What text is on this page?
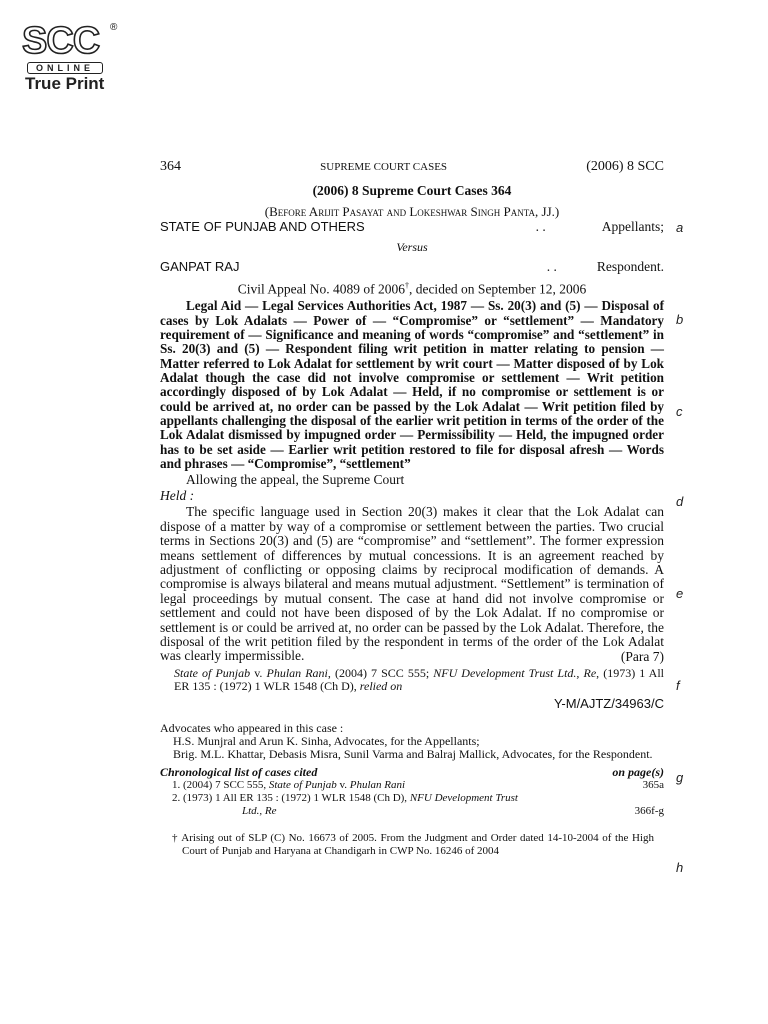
SCC ®
ONLINE
True Print
a
b
c
d
e
f
g
h
364	SUPREME COURT CASES	(2006) 8 SCC
(2006) 8 Supreme Court Cases 364
(Before Arijit Pasayat and Lokeshwar Singh Panta, JJ.)
STATE OF PUNJAB AND OTHERS	. .	Appellants;
Versus
GANPAT RAJ	. .	Respondent.
Civil Appeal No. 4089 of 2006†, decided on September 12, 2006

Legal Aid — Legal Services Authorities Act, 1987 — Ss. 20(3) and (5) — Disposal of cases by Lok Adalats — Power of — “Compromise” or “settlement” — Mandatory requirement of — Significance and meaning of words “compromise” and “settlement” in Ss. 20(3) and (5) — Respondent filing writ petition in matter relating to pension — Matter referred to Lok Adalat for settlement by writ court — Matter disposed of by Lok Adalat though the case did not involve compromise or settlement — Writ petition accordingly disposed of by Lok Adalat — Held, if no compromise or settlement is or could be arrived at, no order can be passed by the Lok Adalat — Writ petition filed by appellants challenging the disposal of the earlier writ petition in terms of the order of the Lok Adalat dismissed by impugned order — Permissibility — Held, the impugned order has to be set aside — Earlier writ petition restored to file for disposal afresh — Words and phrases — “Compromise”, “settlement”

Allowing the appeal, the Supreme Court
Held :

The specific language used in Section 20(3) makes it clear that the Lok Adalat can dispose of a matter by way of a compromise or settlement between the parties. Two crucial terms in Sections 20(3) and (5) are “compromise” and “settlement”. The former expression means settlement of differences by mutual concessions. It is an agreement reached by adjustment of conflicting or opposing claims by reciprocal modification of demands. A compromise is always bilateral and means mutual adjustment. “Settlement” is termination of legal proceedings by mutual consent. The case at hand did not involve compromise or settlement and could not have been disposed of by the Lok Adalat. If no compromise or settlement is or could be arrived at, no order can be passed by the Lok Adalat. Therefore, the disposal of the writ petition filed by the respondent in terms of the order of the Lok Adalat was clearly impermissible.	(Para 7)

State of Punjab v. Phulan Rani, (2004) 7 SCC 555; NFU Development Trust Ltd., Re, (1973) 1 All ER 135 : (1972) 1 WLR 1548 (Ch D), relied on

Y-M/AJTZ/34963/C
Advocates who appeared in this case :
H.S. Munjral and Arun K. Sinha, Advocates, for the Appellants;
Brig. M.L. Khattar, Debasis Misra, Sunil Varma and Balraj Mallick, Advocates, for the Respondent.
Chronological list of cases cited	on page(s)
1. (2004) 7 SCC 555, State of Punjab v. Phulan Rani	365a
2. (1973) 1 All ER 135 : (1972) 1 WLR 1548 (Ch D), NFU Development Trust
Ltd., Re	366f-g

† Arising out of SLP (C) No. 16673 of 2005. From the Judgment and Order dated 14-10-2004 of the High Court of Punjab and Haryana at Chandigarh in CWP No. 16246 of 2004
